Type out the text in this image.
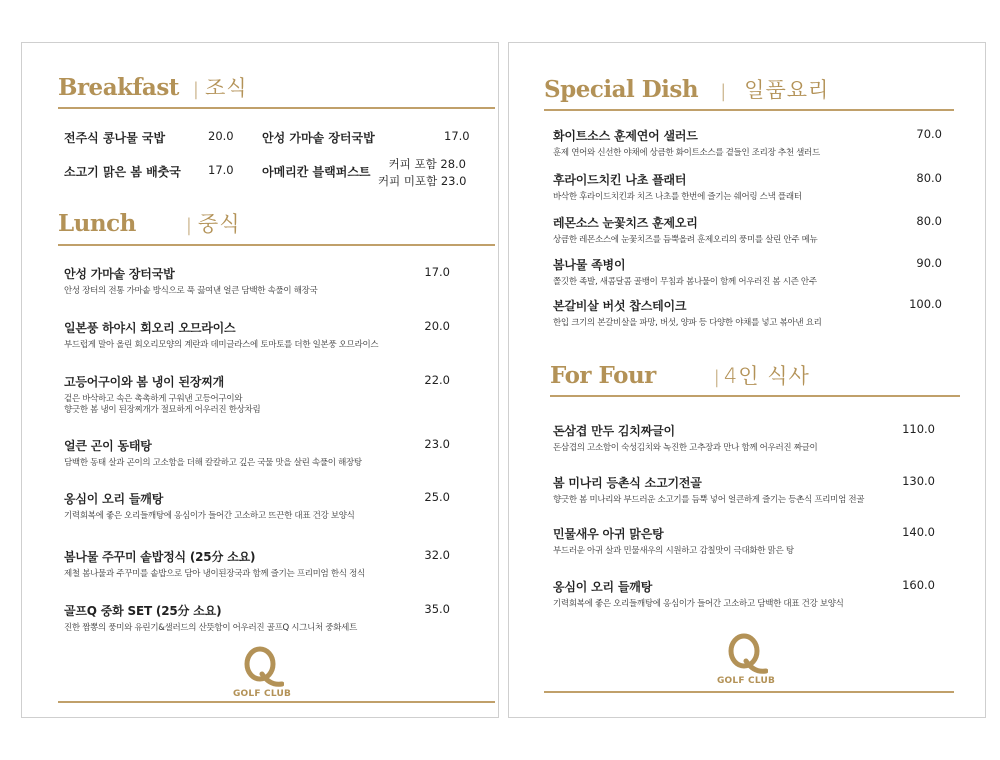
Breakfast | 조식
전주식 콩나물 국밥	20.0 안성 가마솥 장터국밥	17.0
소고기 맑은 봄 배춧국 17.0 아메리칸 블랙퍼스트
커피 포함 28.0
커피 미포함 23.0
Lunch	| 중식
안성 가마솥 장터국밥	17.0
안성 장터의 전통 가마솥 방식으로 푹 끓여낸 얼큰 담백한 속풀이 해장국
일본풍 하야시 회오리 오므라이스	20.0
부드럽게 말아 올린 회오리모양의 계란과 데미글라스에 토마토를 더한 일본풍 오므라이스
고등어구이와 봄 냉이 된장찌개	22.0
겉은 바삭하고 속은 촉촉하게 구워낸 고등어구이와
향긋한 봄 냉이 된장찌개가 절묘하게 어우러진 한상차림
얼큰 곤이 동태탕	23.0
담백한 동태 살과 곤이의 고소함을 더해 칼칼하고 깊은 국물 맛을 살린 속풀이 해장탕
옹심이 오리 들깨탕	25.0
기력회복에 좋은 오리들깨탕에 옹심이가 들어간 고소하고 뜨끈한 대표 건강 보양식
봄나물 주꾸미 솥밥정식 (25分 소요)	32.0
제철 봄나물과 주꾸미를 솥밥으로 담아 냉이된장국과 함께 즐기는 프리미엄 한식 정식
골프Q 중화 SET (25分 소요)	35.0
진한 짬뽕의 풍미와 유린기&샐러드의 산뜻함이 어우러진 골프Q 시그니처 중화세트
GOLF CLUB
Special Dish | 일품요리
화이트소스 훈제연어 샐러드	70.0
훈제 연어와 신선한 야채에 상큼한 화이트소스를 곁들인 조리장 추천 샐러드
후라이드치킨 나초 플래터	80.0
바삭한 후라이드치킨과 치즈 나초를 한번에 즐기는 쉐어링 스낵 플래터
레몬소스 눈꽃치즈 훈제오리	80.0
상큼한 레몬소스에 눈꽃치즈를 듬뿍올려 훈제오리의 풍미를 살린 안주 메뉴
봄나물 족병이	90.0
쫄깃한 족발, 새콤달콤 골뱅이 무침과 봄나물이 함께 어우러진 봄 시즌 안주
본갈비살 버섯 찹스테이크	100.0
한입 크기의 본갈비살을 파망, 버섯, 양파 등 다양한 야채를 넣고 볶아낸 요리
For Four	| 4인 식사
돈삼겹 만두 김치짜글이	110.0
돈삼겹의 고소함이 숙성김치와 녹진한 고추장과 만나 함께 어우러진 짜글이
봄 미나리 등촌식 소고기전골	130.0
향긋한 봄 미나리와 부드러운 소고기를 듬뿍 넣어 얼큰하게 즐기는 등촌식 프리미엄 전골
민물새우 아귀 맑은탕	140.0
부드러운 아귀 살과 민물새우의 시원하고 감칠맛이 극대화한 맑은 탕
옹심이 오리 들깨탕	160.0
기력회복에 좋은 오리들깨탕에 옹심이가 들어간 고소하고 담백한 대표 건강 보양식
GOLF CLUB
